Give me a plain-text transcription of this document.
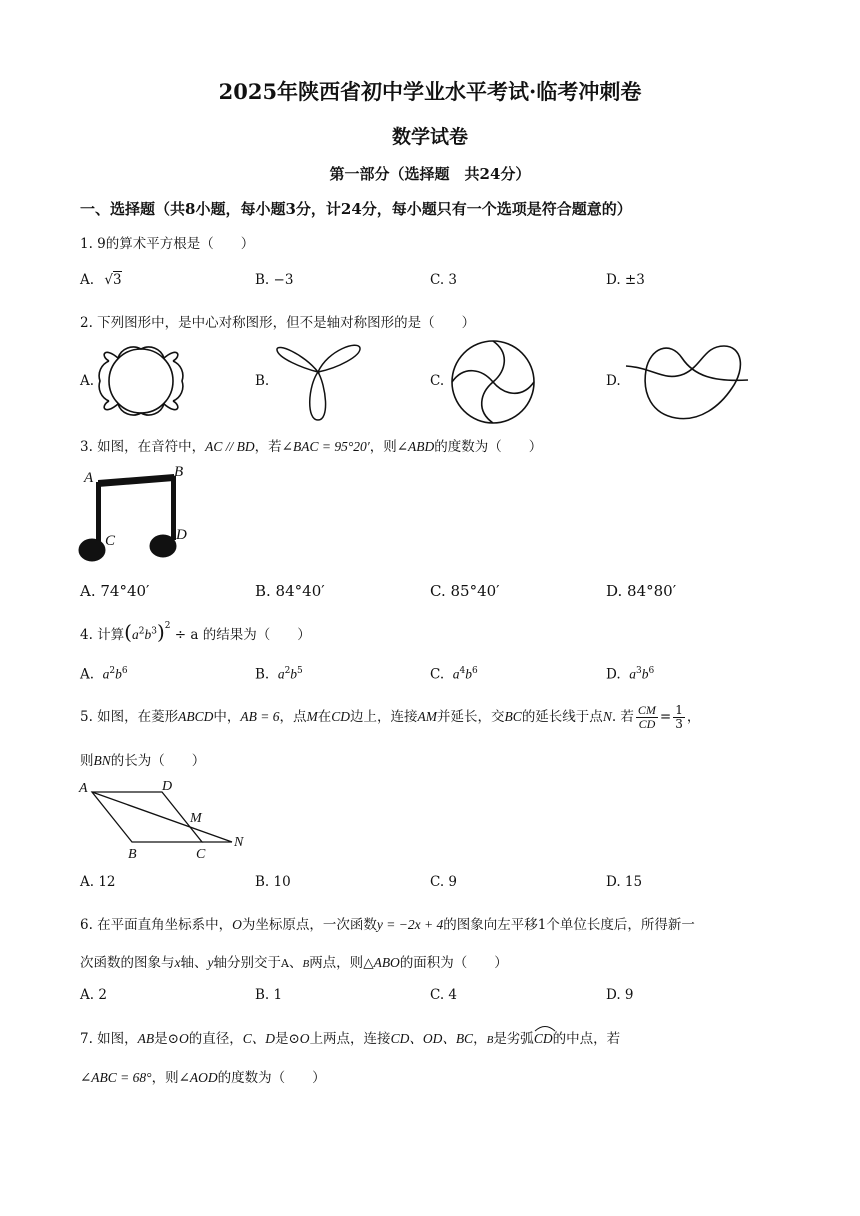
2025年陕西省初中学业水平考试·临考冲刺卷
数学试卷
第一部分（选择题　共24分）
一、选择题（共8小题，每小题3分，计24分，每小题只有一个选项是符合题意的）
1. 9的算术平方根是（　　）
A. √3	B. −3	C. 3	D. ±3
2. 下列图形中，是中心对称图形，但不是轴对称图形的是（　　）
A.	B.	C.	D.
3. 如图，在音符中，AC // BD，若∠BAC = 95°20′，则∠ABD的度数为（　　）
A	B
C	D
A. 74°40′	B. 84°40′	C. 85°40′	D. 84°80′
4. 计算$(a^2b^3)^2 \div a$ 的结果为（　　）
A. $a^2b^6$	B. $a^2b^5$	C. $a^4b^6$	D. $a^3b^6$
5. 如图，在菱形ABCD中，AB = 6，点M在CD边上，连接AM并延长，交BC的延长线于点N. 若 $\frac{CM}{CD} = \frac{1}{3}$ ，
则BN的长为（　　）
A	D
M
N
B	C
A. 12	B. 10	C. 9	D. 15
6. 在平面直角坐标系中，O为坐标原点，一次函数y = −2x + 4的图象向左平移1个单位长度后，所得新一
次函数的图象与x轴、y轴分别交于A、B两点，则△ABO的面积为（　　）
A. 2	B. 1	C. 4	D. 9
7. 如图，AB是⊙O的直径，C、D是⊙O上两点，连接CD、OD、BC，B是劣弧
CD的中点，若
∠ABC = 68°，则∠AOD的度数为（　　）
